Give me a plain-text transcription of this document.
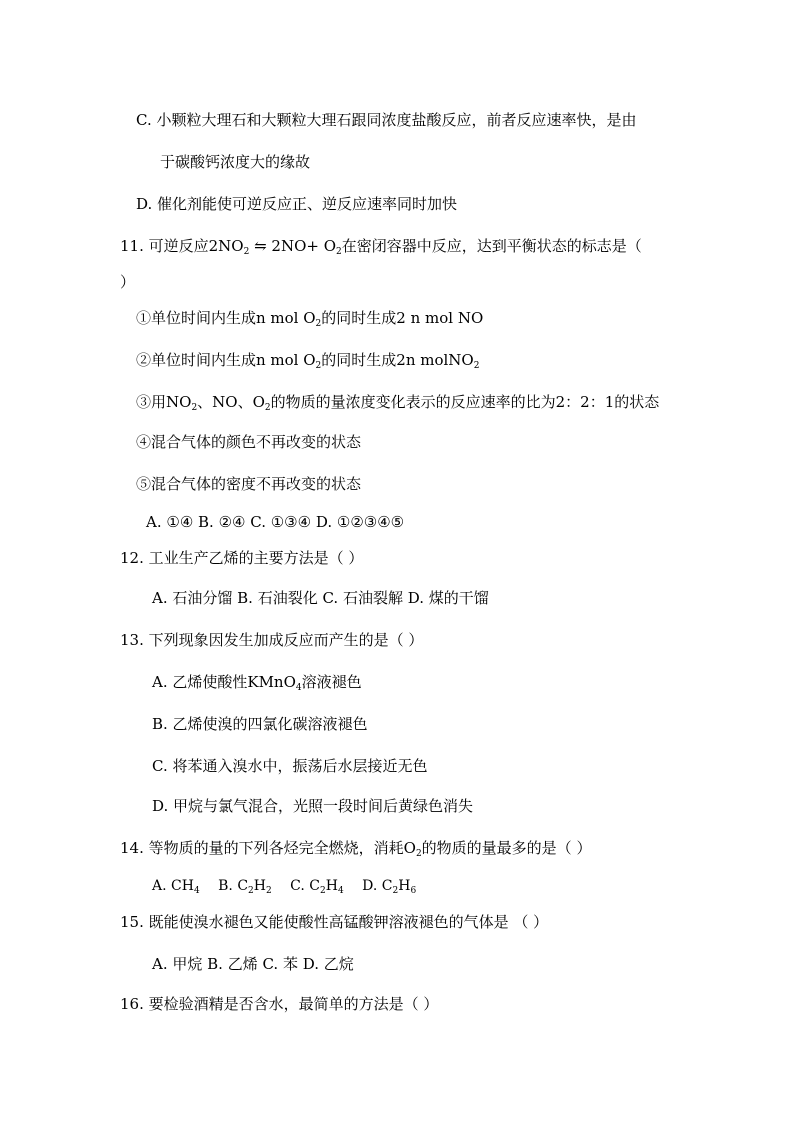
C. 小颗粒大理石和大颗粒大理石跟同浓度盐酸反应，前者反应速率快，是由
于碳酸钙浓度大的缘故
D. 催化剂能使可逆反应正、逆反应速率同时加快
11. 可逆反应$2NO_2$ ⇋ $2NO+ O_2$在密闭容器中反应，达到平衡状态的标志是（
）
①单位时间内生成n mol $O_2$的同时生成2 n mol NO
②单位时间内生成n mol $O_2$的同时生成2n molNO$_2$
③用$NO_2$、NO、$O_2$的物质的量浓度变化表示的反应速率的比为2：2：1的状态
④混合气体的颜色不再改变的状态
⑤混合气体的密度不再改变的状态
A. ①④ B. ②④ C. ①③④ D. ①②③④⑤
12. 工业生产乙烯的主要方法是（ ）
A. 石油分馏 B. 石油裂化 C. 石油裂解 D. 煤的干馏
13. 下列现象因发生加成反应而产生的是（ ）
A. 乙烯使酸性KMnO$_4$溶液褪色
B. 乙烯使溴的四氯化碳溶液褪色
C. 将苯通入溴水中，振荡后水层接近无色
D. 甲烷与氯气混合，光照一段时间后黄绿色消失
14. 等物质的量的下列各烃完全燃烧，消耗$O_2$的物质的量最多的是（ ）
A. $CH_4$ B. $C_2H_2$ C. $C_2H_4$ D. $C_2H_6$
15. 既能使溴水褪色又能使酸性高锰酸钾溶液褪色的气体是 （ ）
A. 甲烷 B. 乙烯 C. 苯 D. 乙烷
16. 要检验酒精是否含水，最简单的方法是（ ）
